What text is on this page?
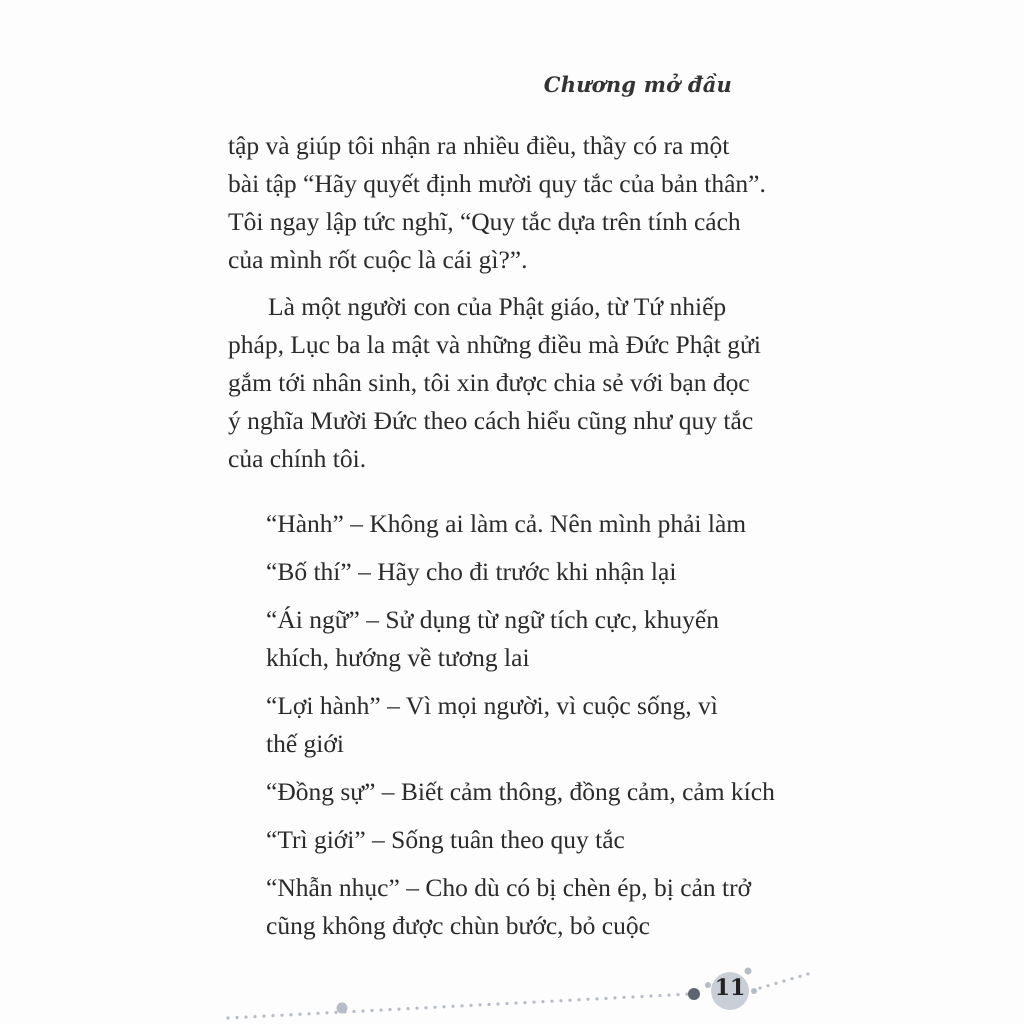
Chương mở đầu

tập và giúp tôi nhận ra nhiều điều, thầy có ra một
bài tập “Hãy quyết định mười quy tắc của bản thân”.
Tôi ngay lập tức nghĩ, “Quy tắc dựa trên tính cách
của mình rốt cuộc là cái gì?”.

Là một người con của Phật giáo, từ Tứ nhiếp
pháp, Lục ba la mật và những điều mà Đức Phật gửi
gắm tới nhân sinh, tôi xin được chia sẻ với bạn đọc
ý nghĩa Mười Đức theo cách hiểu cũng như quy tắc
của chính tôi.

“Hành” – Không ai làm cả. Nên mình phải làm
“Bố thí” – Hãy cho đi trước khi nhận lại
“Ái ngữ” – Sử dụng từ ngữ tích cực, khuyến
khích, hướng về tương lai
“Lợi hành” – Vì mọi người, vì cuộc sống, vì
thế giới
“Đồng sự” – Biết cảm thông, đồng cảm, cảm kích
“Trì giới” – Sống tuân theo quy tắc
“Nhẫn nhục” – Cho dù có bị chèn ép, bị cản trở
cũng không được chùn bước, bỏ cuộc
11
